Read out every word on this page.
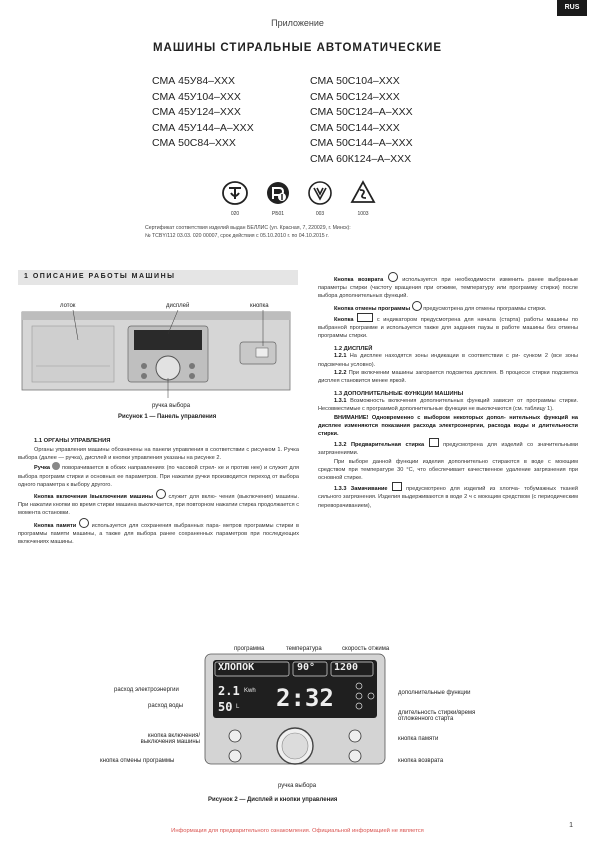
RUS
Приложение
МАШИНЫ СТИРАЛЬНЫЕ АВТОМАТИЧЕСКИЕ
СМА 45У84–XXX
СМА 45У104–XXX
СМА 45У124–XXX
СМА 45У144–А–XXX
СМА 50С84–XXX
СМА 50С104–XXX
СМА 50С124–XXX
СМА 50С124–А–XXX
СМА 50С144–XXX
СМА 50С144–А–XXX
СМА 60К124–А–XXX
020	РБ01	003	1003
Сертификат соответствия изделий выдан БЕЛЛИС (ул. Красная, 7, 220029, г. Минск):
№ ТСBY/112 03.03. 020 00007, срок действия с 05.10.2010 г. по 04.10.2015 г.
1 ОПИСАНИЕ РАБОТЫ МАШИНЫ
лоток	дисплей	кнопка
ручка выбора
Рисунок 1 — Панель управления
1.1 ОРГАНЫ УПРАВЛЕНИЯ
Органы управления машины обозначены на панели управления в соответствии с рисунком 1. Ручка выбора (далее — ручка), дисплей и кнопки управления указаны на рисунке 2.
Ручка поворачивается в обоих направлениях (по часовой стрел- ке и против нее) и служит для выбора программ стирки и основных ее параметров. При нажатии ручки производится переход от выбора одного параметра к выбору другого.
Кнопка включения /выключения машины	служит для вклю- чения (выключения) машины. При нажатии кнопки во время стирки машина выключается, при повторном нажатии стирка продолжается с момента остановки.
Кнопка памяти	используется для сохранения выбранных пара- метров программы стирки в программы памяти машины, а также для выбора ранее сохраненных параметров при последующих включениях машины.
Кнопка возврата	используется при необходимости изменить ранее выбранные параметры стирки (частоту вращения при отжиме, температуру или программу стирки) после выбора дополнительных функций.
Кнопка отмены программы предусмотрена для отмены программы стирки.
Кнопка	с индикатором предусмотрена для начала (старта) работы машины по выбранной программе и используется также для задания паузы в работе машины без отмены программы стирки.
1.2 ДИСПЛЕЙ
1.2.1 На дисплее находятся зоны индикации в соответствии с ри- сунком 2 (все зоны подсвечены условно).
1.2.2 При включении машины загорается подсветка дисплея. В процессе стирки подсветка дисплея становится менее яркой.
1.3 ДОПОЛНИТЕЛЬНЫЕ ФУНКЦИИ МАШИНЫ
1.3.1 Возможность включения дополнительных функций зависит от программы стирки. Несовместимые с программой дополнительные функции не выключаются (см. таблицу 1).
ВНИМАНИЕ! Одновременно с выбором некоторых допол- нительных функций на дисплее изменяются показания расхода электроэнергии, расхода воды и длительности стирки.
1.3.2 Предварительная стирка	предусмотрена для изделий со значительными загрязнениями.
При выборе данной функции изделия дополнительно стираются в воде с моющим средством при температуре 30 °С, что обеспечивает качественное удаление загрязнения при основной стирке.
1.3.3 Замачивание	предусмотрено для изделий из хлопча- тобумажных тканей сильного загрязнения. Изделия выдерживаются в воде 2 ч с моющим средством (с периодическим переворачиванием),
ХЛОПОК	90° 1200
2.1 Kwh
50 L 2:32
программа	температура	скорость отжима
расход электроэнергии
расход воды
кнопка включения/ выключения машины
кнопка отмены программы
дополнительные функции
длительность стирки/время отложенного старта
кнопка памяти
кнопка возврата
ручка выбора
Рисунок 2 — Дисплей и кнопки управления
Информация для предварительного ознакомления. Официальной информацией не является
1
